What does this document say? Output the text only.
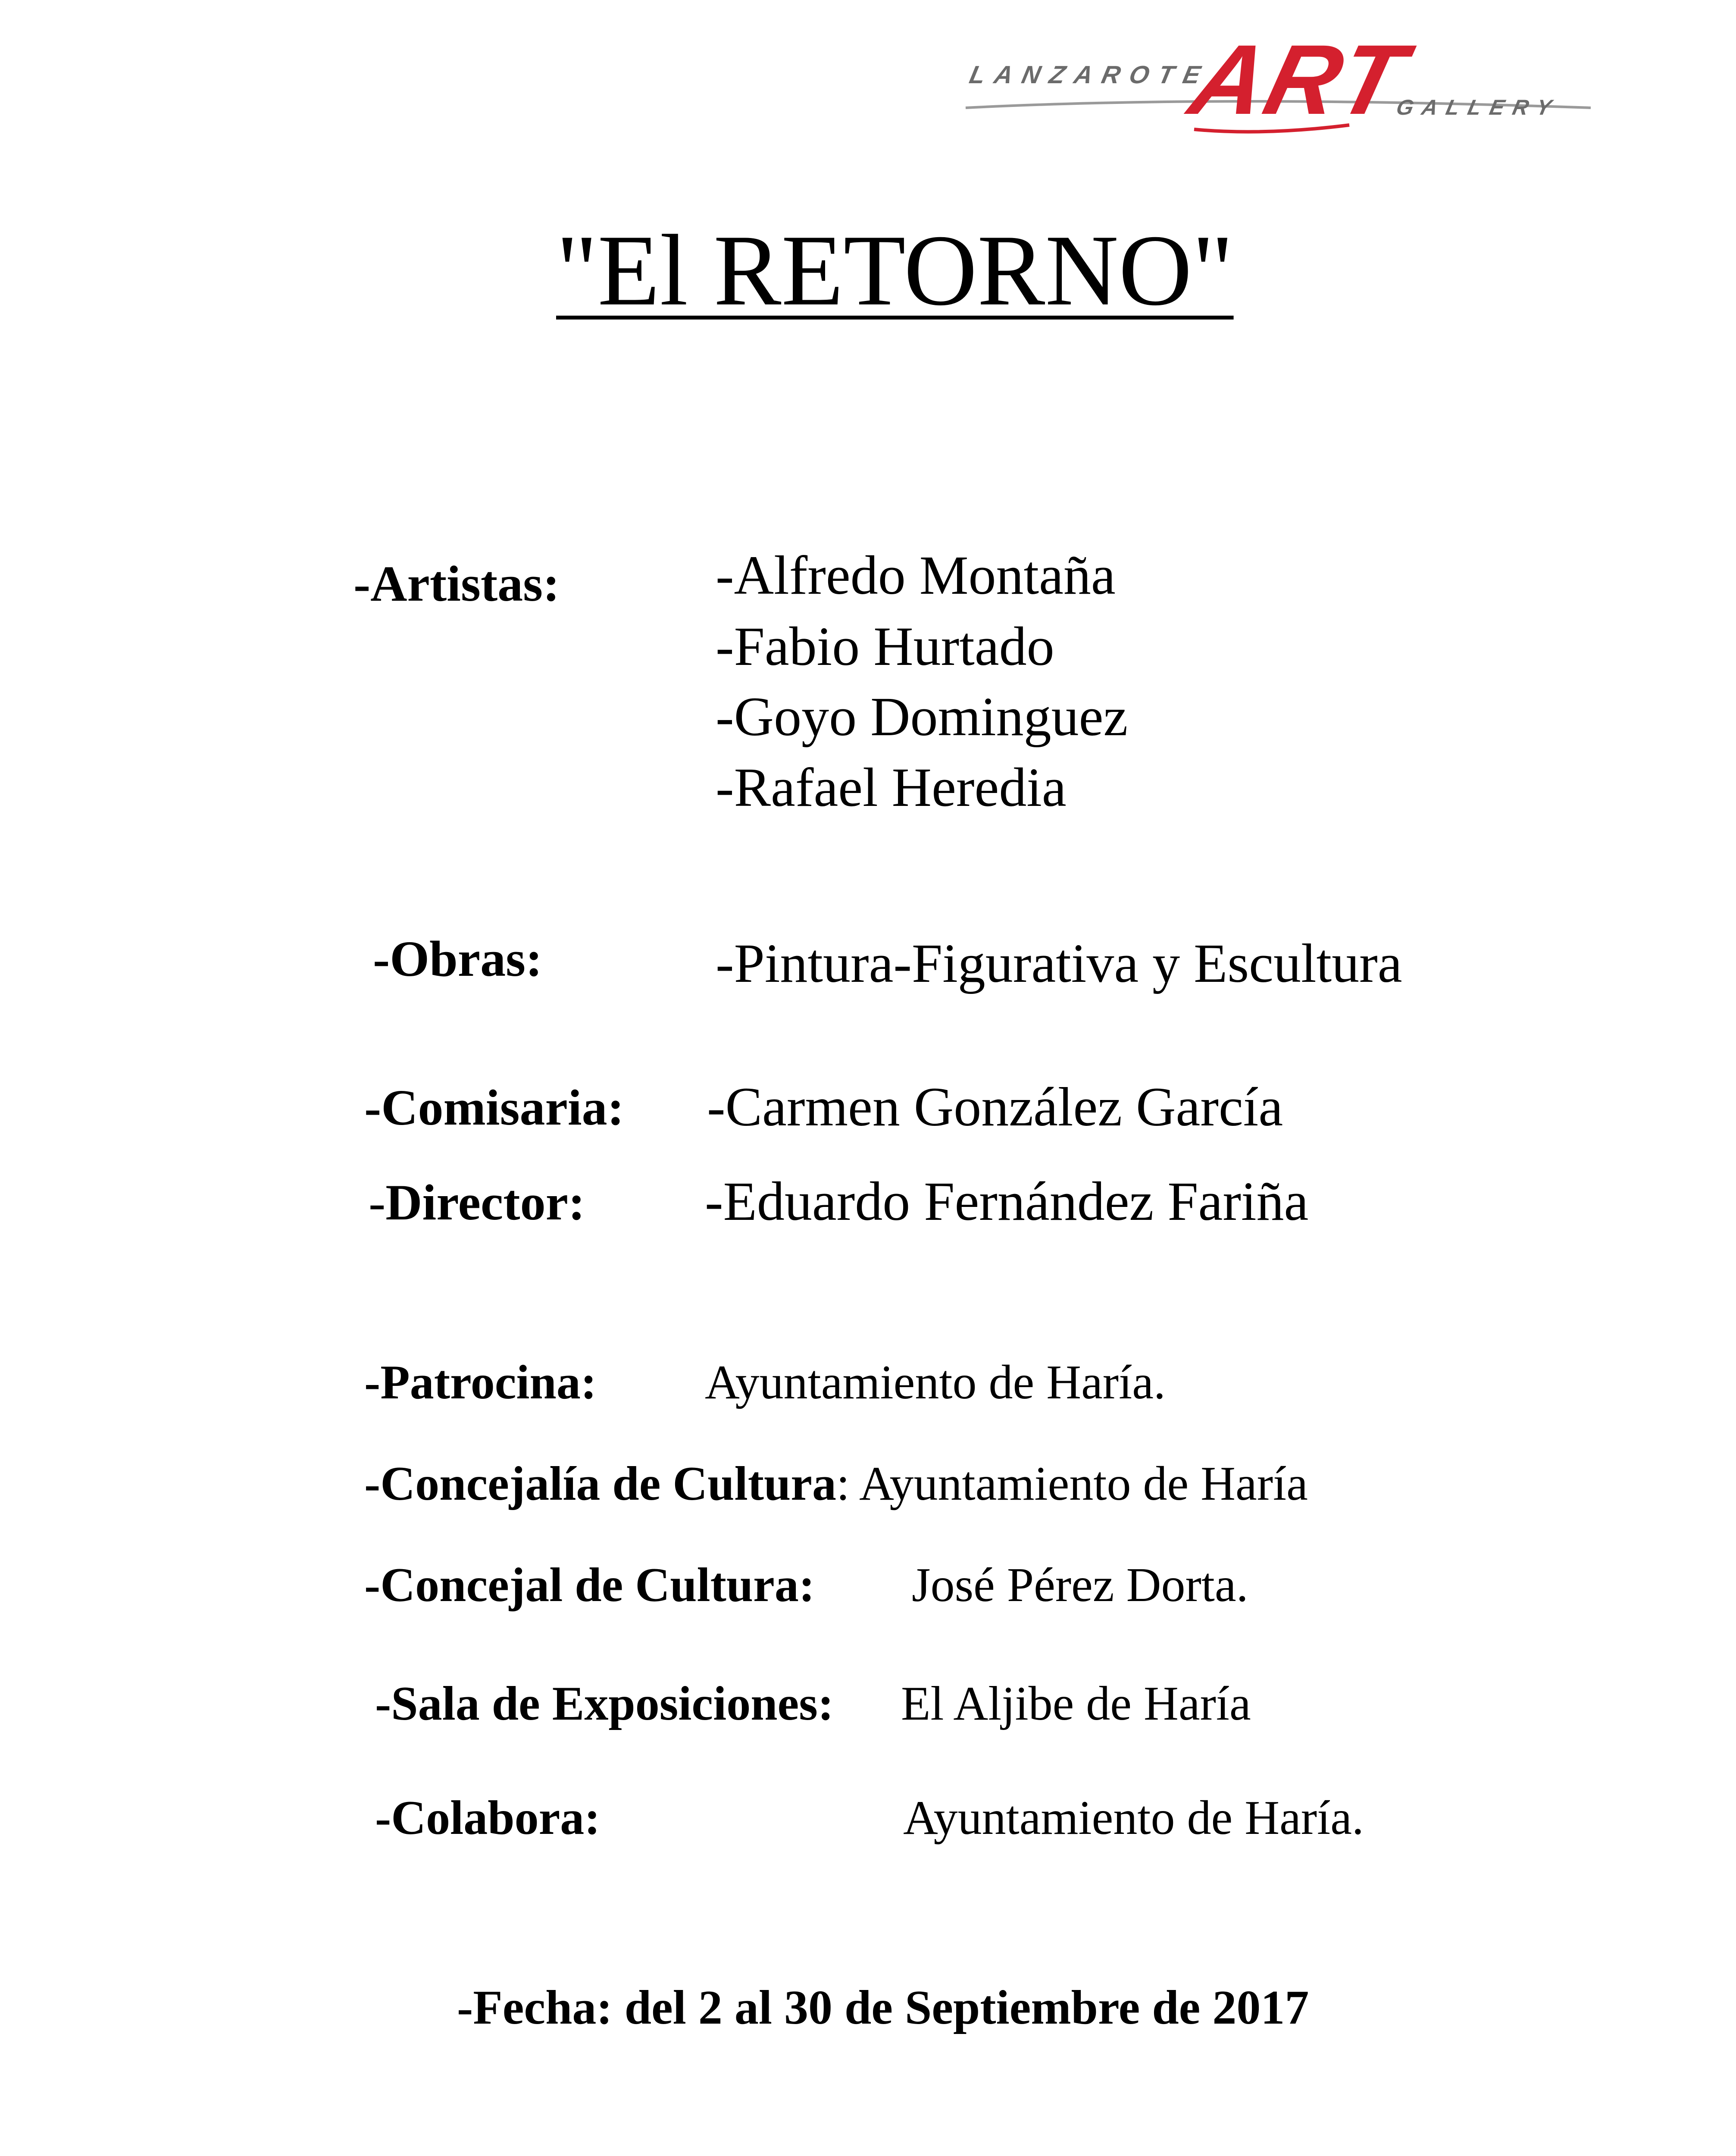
LANZAROTE
ART
GALLERY
"El RETORNO"
-Artistas:	-Alfredo Montaña
-Fabio Hurtado
-Goyo Dominguez
-Rafael Heredia
-Obras:	-Pintura-Figurativa y Escultura
-Comisaria: -Carmen González García
-Director: -Eduardo Fernández Fariña
-Patrocina: Ayuntamiento de Haría.
-Concejalía de Cultura: Ayuntamiento de Haría
-Concejal de Cultura: José Pérez Dorta.
-Sala de Exposiciones: El Aljibe de Haría
-Colabora:	Ayuntamiento de Haría.
-Fecha: del 2 al 30 de Septiembre de 2017
